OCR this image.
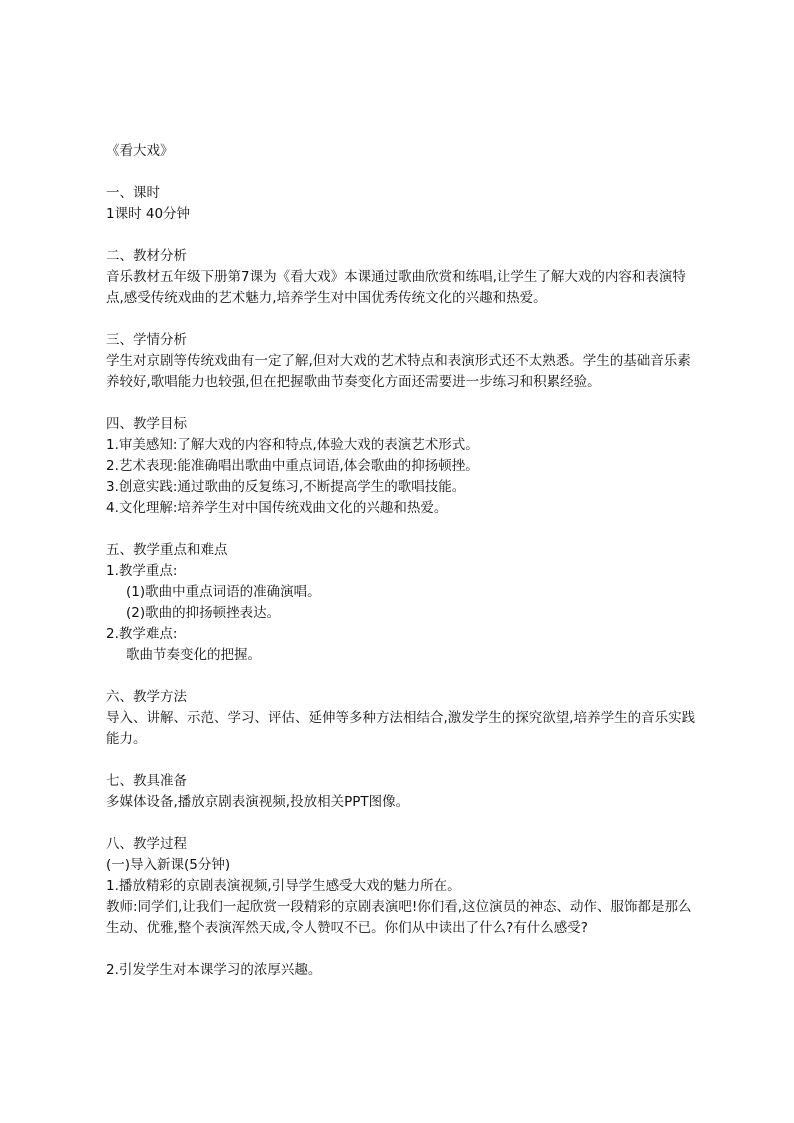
《看大戏》
一、课时
1课时 40分钟
二、教材分析
音乐教材五年级下册第7课为《看大戏》本课通过歌曲欣赏和练唱,让学生了解大戏的内容和表演特点,感受传统戏曲的艺术魅力,培养学生对中国优秀传统文化的兴趣和热爱。
三、学情分析
学生对京剧等传统戏曲有一定了解,但对大戏的艺术特点和表演形式还不太熟悉。学生的基础音乐素养较好,歌唱能力也较强,但在把握歌曲节奏变化方面还需要进一步练习和积累经验。
四、教学目标
1.审美感知:了解大戏的内容和特点,体验大戏的表演艺术形式。
2.艺术表现:能准确唱出歌曲中重点词语,体会歌曲的抑扬顿挫。
3.创意实践:通过歌曲的反复练习,不断提高学生的歌唱技能。
4.文化理解:培养学生对中国传统戏曲文化的兴趣和热爱。
五、教学重点和难点
1.教学重点:
(1)歌曲中重点词语的准确演唱。
(2)歌曲的抑扬顿挫表达。
2.教学难点:
歌曲节奏变化的把握。
六、教学方法
导入、讲解、示范、学习、评估、延伸等多种方法相结合,激发学生的探究欲望,培养学生的音乐实践能力。
七、教具准备
多媒体设备,播放京剧表演视频,投放相关PPT图像。
八、教学过程
(一)导入新课(5分钟)
1.播放精彩的京剧表演视频,引导学生感受大戏的魅力所在。
教师:同学们,让我们一起欣赏一段精彩的京剧表演吧!你们看,这位演员的神态、动作、服饰都是那么生动、优雅,整个表演浑然天成,令人赞叹不已。你们从中读出了什么?有什么感受?
2.引发学生对本课学习的浓厚兴趣。
